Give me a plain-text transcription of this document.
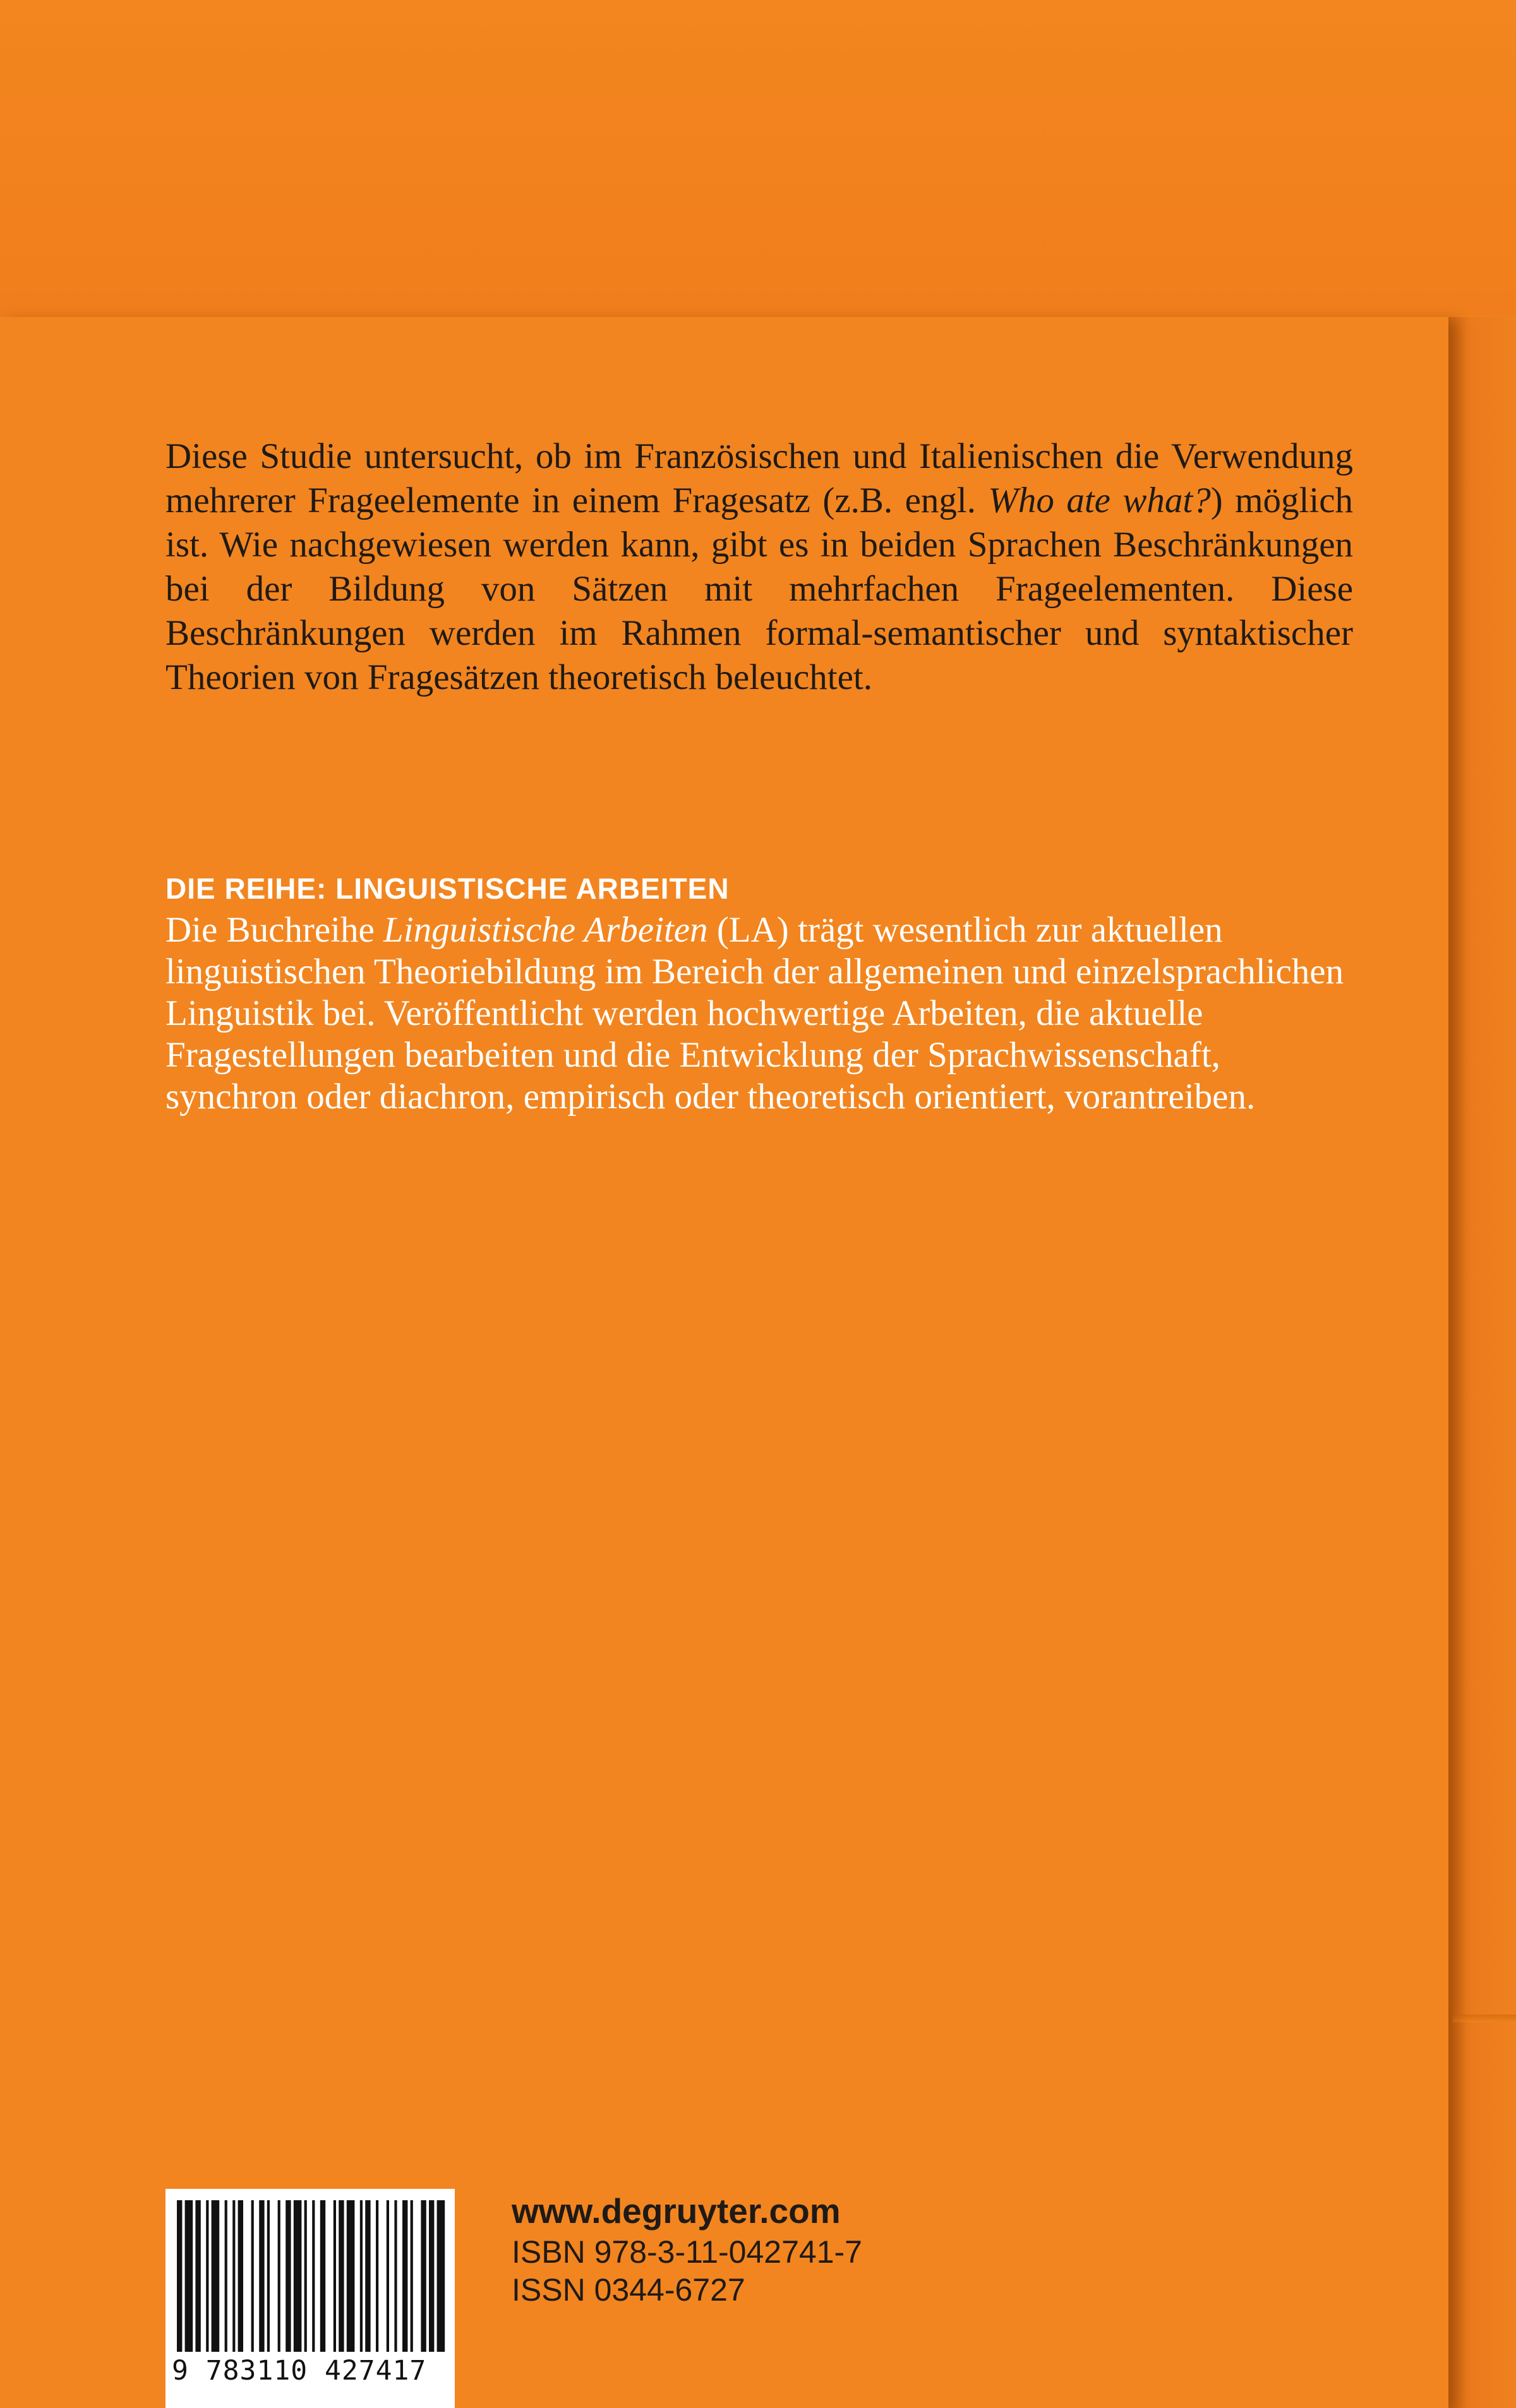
Diese Studie untersucht, ob im Französischen und Italienischen die Verwendung mehrerer Frageelemente in einem Fragesatz (z.B. engl. Who ate what?) möglich ist. Wie nachgewiesen werden kann, gibt es in beiden Sprachen Beschränkungen bei der Bildung von Sätzen mit mehrfachen Frageelementen. Diese Beschränkungen werden im Rahmen formal-semantischer und syntaktischer Theorien von Fragesätzen theoretisch beleuchtet.

DIE REIHE: LINGUISTISCHE ARBEITEN

Die Buchreihe Linguistische Arbeiten (LA) trägt wesentlich zur aktuellen linguistischen Theoriebildung im Bereich der allgemeinen und einzelsprachlichen Linguistik bei. Veröffentlicht werden hochwertige Arbeiten, die aktuelle Fragestellungen bearbeiten und die Entwicklung der Sprachwissenschaft, synchron oder diachron, empirisch oder theoretisch orientiert, vorantreiben.

9 783110 427417
www.degruyter.com
ISBN 978-3-11-042741-7
ISSN 0344-6727
